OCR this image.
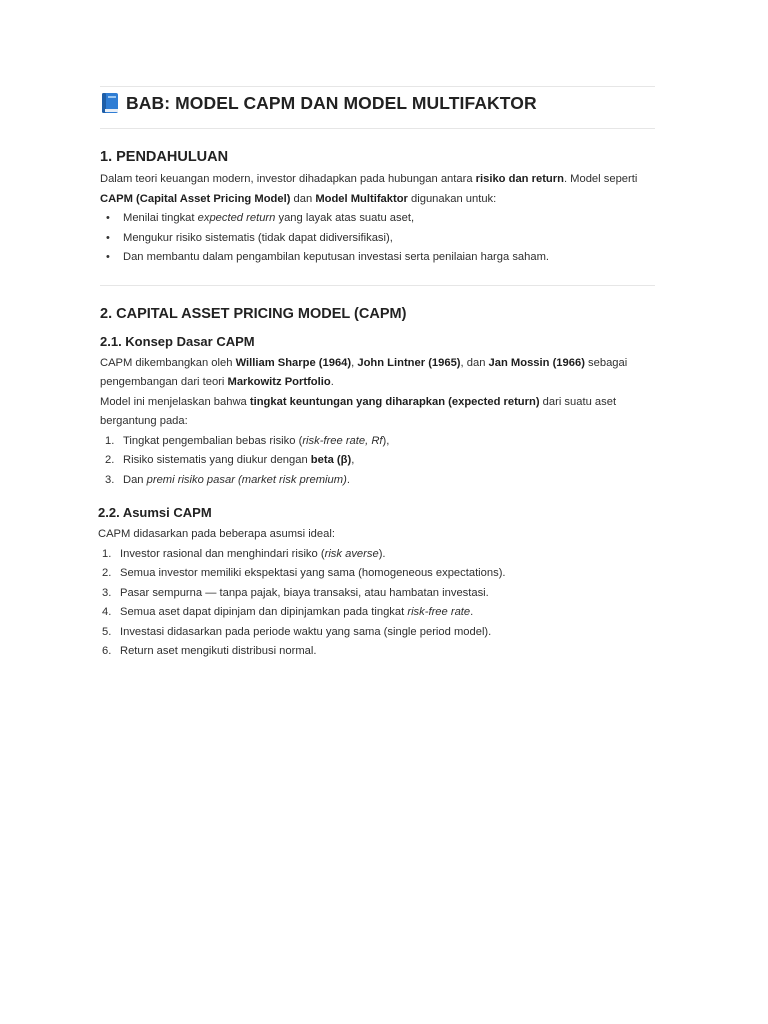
BAB: MODEL CAPM DAN MODEL MULTIFAKTOR
1. PENDAHULUAN

Dalam teori keuangan modern, investor dihadapkan pada hubungan antara risiko dan return. Model seperti

CAPM (Capital Asset Pricing Model) dan Model Multifaktor digunakan untuk:

• Menilai tingkat expected return yang layak atas suatu aset,
• Mengukur risiko sistematis (tidak dapat didiversifikasi),
• Dan membantu dalam pengambilan keputusan investasi serta penilaian harga saham.
2. CAPITAL ASSET PRICING MODEL (CAPM)
2.1. Konsep Dasar CAPM

CAPM dikembangkan oleh William Sharpe (1964), John Lintner (1965), dan Jan Mossin (1966) sebagai

pengembangan dari teori Markowitz Portfolio.

Model ini menjelaskan bahwa tingkat keuntungan yang diharapkan (expected return) dari suatu aset

bergantung pada:

1. Tingkat pengembalian bebas risiko (risk-free rate, Rf),
2. Risiko sistematis yang diukur dengan beta (β),
3. Dan premi risiko pasar (market risk premium).
2.2. Asumsi CAPM

CAPM didasarkan pada beberapa asumsi ideal:

1. Investor rasional dan menghindari risiko (risk averse).
2. Semua investor memiliki ekspektasi yang sama (homogeneous expectations).
3. Pasar sempurna — tanpa pajak, biaya transaksi, atau hambatan investasi.
4. Semua aset dapat dipinjam dan dipinjamkan pada tingkat risk-free rate.
5. Investasi didasarkan pada periode waktu yang sama (single period model).
6. Return aset mengikuti distribusi normal.
